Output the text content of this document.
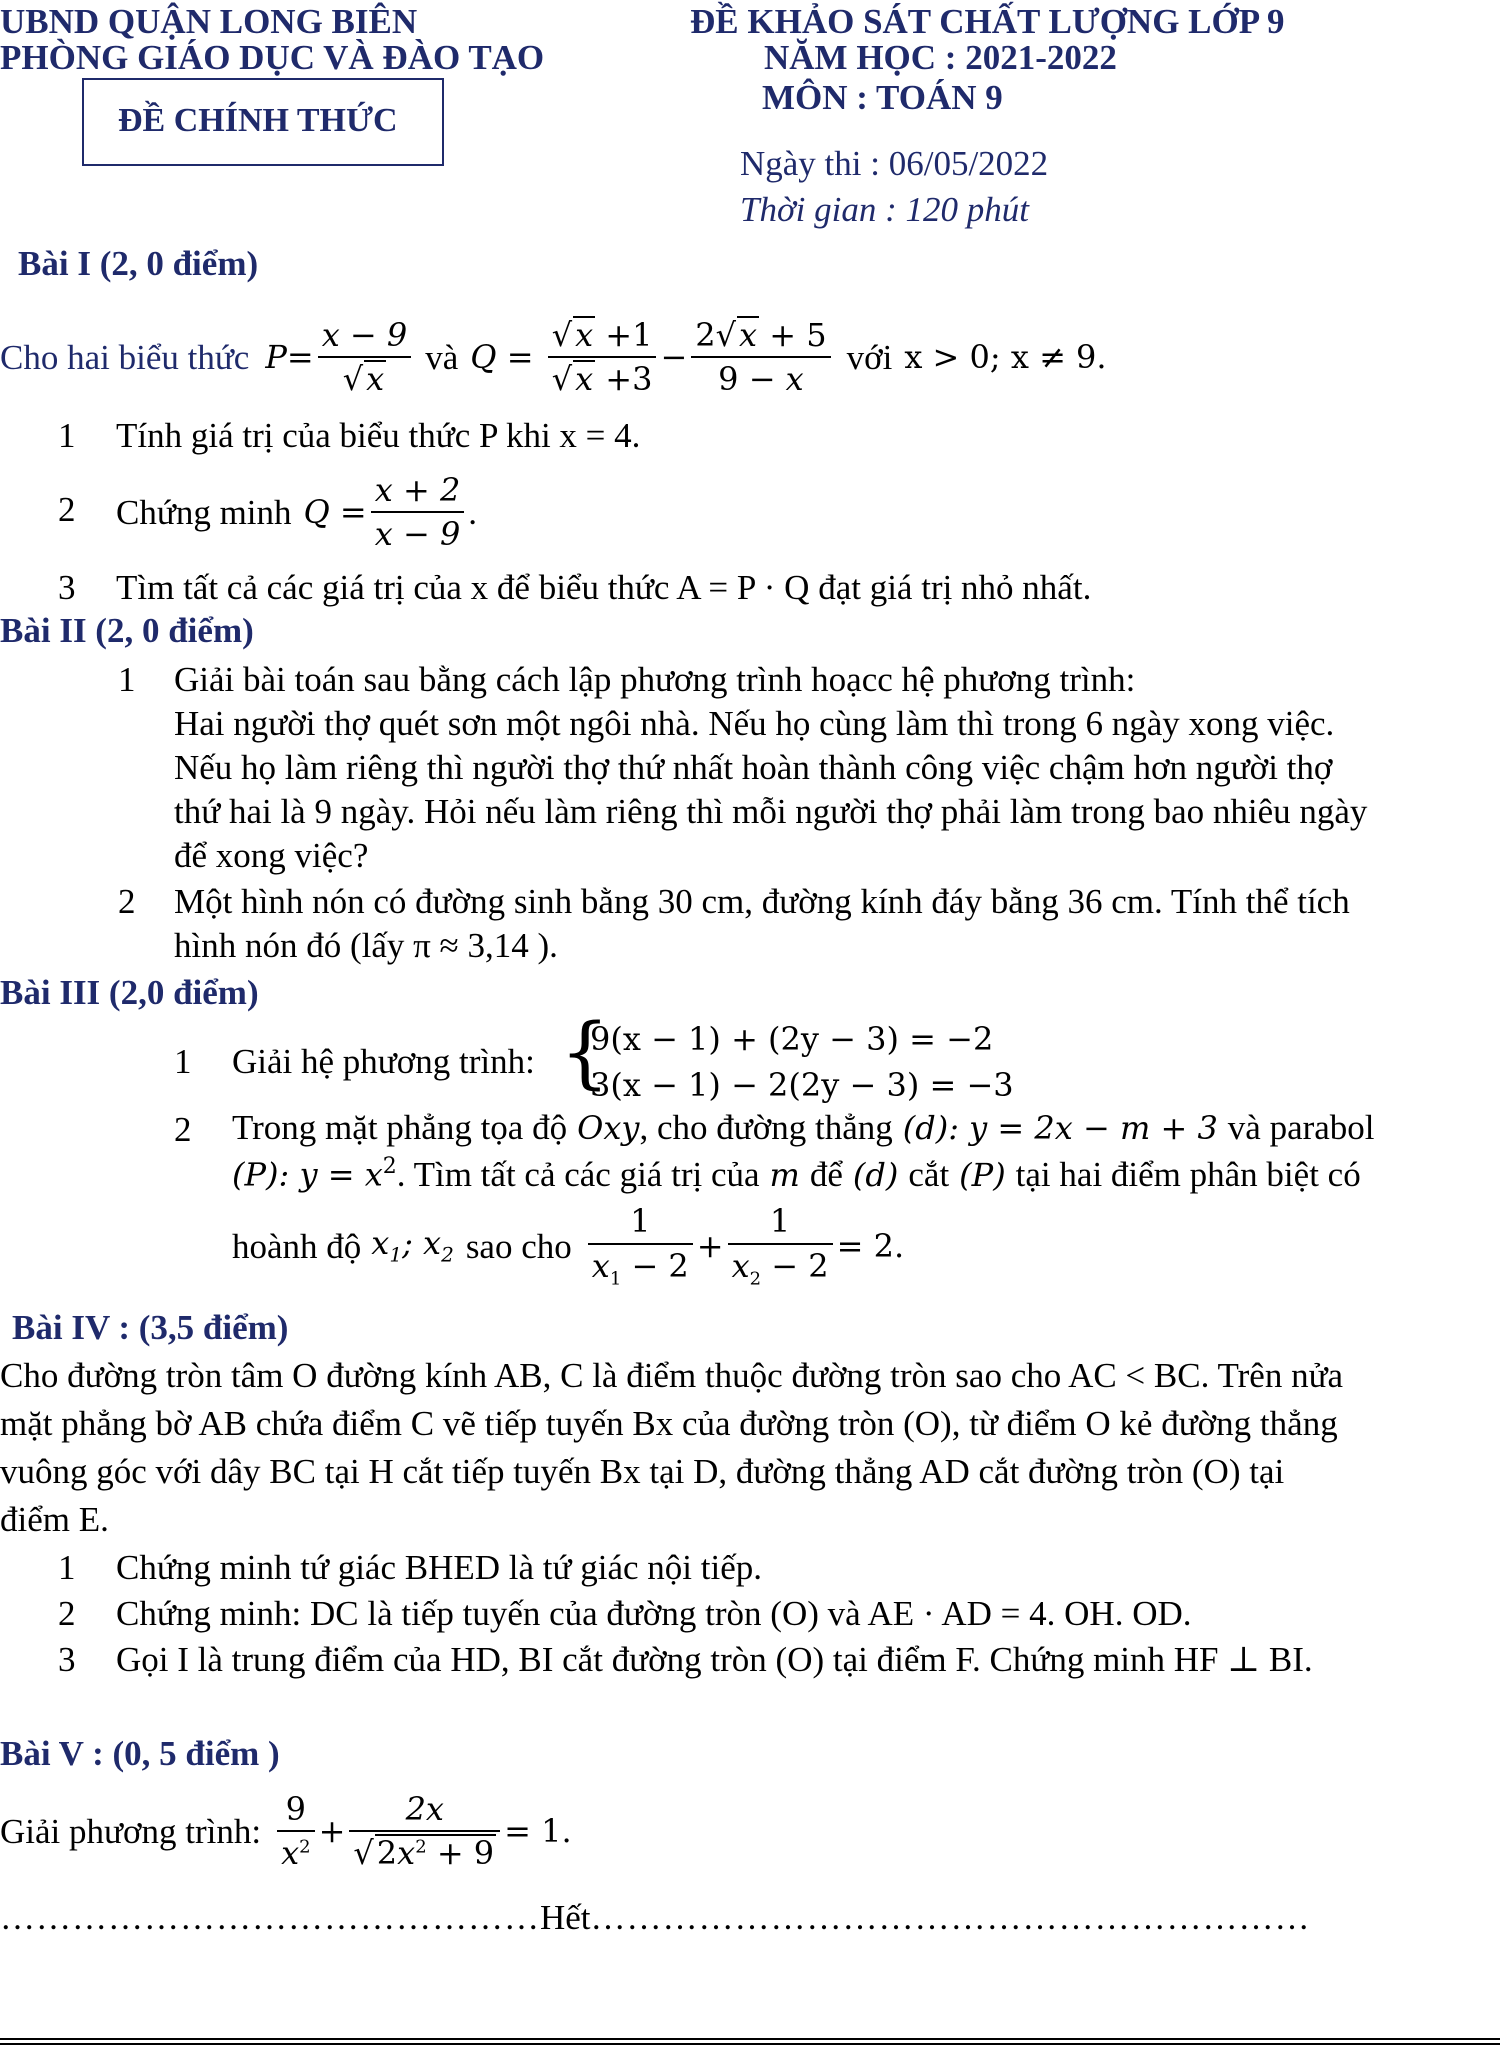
UBND QUẬN LONG BIÊN
PHÒNG GIÁO DỤC VÀ ĐÀO TẠO
ĐỀ CHÍNH THỨC
ĐỀ KHẢO SÁT CHẤT LƯỢNG LỚP 9
NĂM HỌC : 2021-2022
MÔN : TOÁN 9
Ngày thi : 06/05/2022
Thời gian : 120 phút
Bài I (2, 0 điểm)
Cho hai biểu thức $P = \frac{x - 9}{√x}$ và $Q = \frac{√x +1}{√x +3} - \frac{2√x + 5}{9 - x}$ với x > 0; x ≠ 9.
1 Tính giá trị của biểu thức P khi x = 4.
2 Chứng minh $Q = \frac{x + 2}{x - 9}$ .
3 Tìm tất cả các giá trị của x để biểu thức A = P · Q đạt giá trị nhỏ nhất.
Bài II (2, 0 điểm)
1 Giải bài toán sau bằng cách lập phương trình hoạcc hệ phương trình:
Hai người thợ quét sơn một ngôi nhà. Nếu họ cùng làm thì trong 6 ngày xong việc.
Nếu họ làm riêng thì người thợ thứ nhất hoàn thành công việc chậm hơn người thợ
thứ hai là 9 ngày. Hỏi nếu làm riêng thì mỗi người thợ phải làm trong bao nhiêu ngày
để xong việc?
2 Một hình nón có đường sinh bằng 30 cm, đường kính đáy bằng 36 cm. Tính thể tích
hình nón đó (lấy π ≈ 3,14 ).
Bài III (2,0 điểm)
1 Giải hệ phương trình: {
9(x − 1) + (2y − 3) = −2
3(x − 1) − 2(2y − 3) = −3
2 Trong mặt phẳng tọa độ Oxy , cho đường thẳng (d): y = 2x − m + 3 và parabol
(P): $y = x^2$ . Tìm tất cả các giá trị của m để (d) cắt (P) tại hai điểm phân biệt có
hoành độ $x_1$; $x_2$ sao cho $\frac{1}{x_1 - 2} + \frac{1}{x_2 - 2} = 2$.
Bài IV : (3,5 điểm)
Cho đường tròn tâm O đường kính AB, C là điểm thuộc đường tròn sao cho AC < BC. Trên nửa
mặt phẳng bờ AB chứa điểm C vẽ tiếp tuyến Bx của đường tròn (O), từ điểm O kẻ đường thẳng
vuông góc với dây BC tại H cắt tiếp tuyến Bx tại D, đường thẳng AD cắt đường tròn (O) tại
điểm E.
1 Chứng minh tứ giác BHED là tứ giác nội tiếp.
2 Chứng minh: DC là tiếp tuyến của đường tròn (O) và AE · AD = 4. OH. OD.
3 Gọi I là trung điểm của HD, BI cắt đường tròn (O) tại điểm F. Chứng minh HF ⊥ BI.
Bài V : (0, 5 điểm )
Giải phương trình: $\frac{9}{x^2} + \frac{2x}{√2x^2 + 9} = 1$.
……………………………………… Hết ……………………………………………………
